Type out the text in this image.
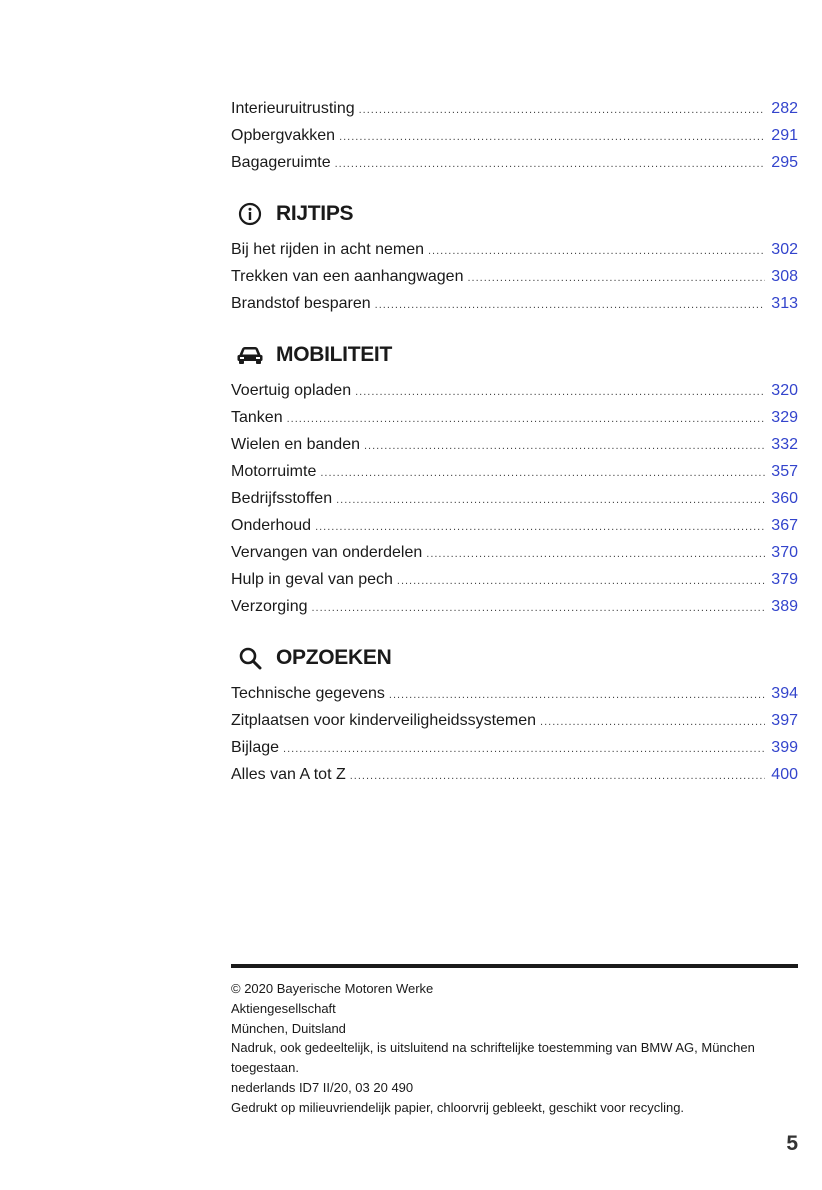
Interieuruitrusting .....	282
Opbergvakken .....	291
Bagageruimte .....	295
RIJTIPS
Bij het rijden in acht nemen .....	302
Trekken van een aanhangwagen .....	308
Brandstof besparen .....	313
MOBILITEIT
Voertuig opladen .....	320
Tanken .....	329
Wielen en banden .....	332
Motorruimte .....	357
Bedrijfsstoffen .....	360
Onderhoud .....	367
Vervangen van onderdelen .....	370
Hulp in geval van pech .....	379
Verzorging .....	389
OPZOEKEN
Technische gegevens .....	394
Zitplaatsen voor kinderveiligheidssystemen .....	397
Bijlage .....	399
Alles van A tot Z .....	400
© 2020 Bayerische Motoren Werke
Aktiengesellschaft
München, Duitsland
Nadruk, ook gedeeltelijk, is uitsluitend na schriftelijke toestemming van BMW AG, München
toegestaan.
nederlands ID7 II/20, 03 20 490
Gedrukt op milieuvriendelijk papier, chloorvrij gebleekt, geschikt voor recycling.
5
